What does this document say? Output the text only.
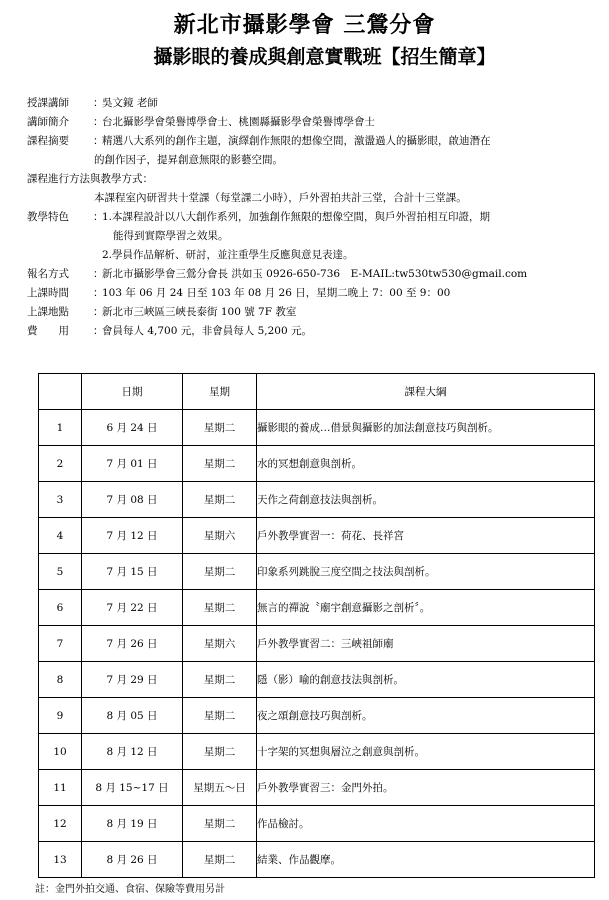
新北市攝影學會 三鶯分會
攝影眼的養成與創意實戰班【招生簡章】
授課講師	：
吳文鏡 老師
講師簡介	：
台北攝影學會榮譽博學會士、桃園縣攝影學會榮譽博學會士
課程摘要	：
精選八大系列的創作主題，演繹創作無限的想像空間，激盪過人的攝影眼，啟迪潛在
的創作因子，提昇創意無限的影藝空間。
課程進行方法與教學方式：
本課程室內研習共十堂課（每堂課二小時），戶外習拍共計三堂，合計十三堂課。
教學特色	：
1.本課程設計以八大創作系列，加強創作無限的想像空間，與戶外習拍相互印證，期
能得到實際學習之效果。
2.學員作品解析、研討，並注重學生反應與意見表達。
報名方式	：
新北市攝影學會三鶯分會長 洪如玉 0926-650-736　E-MAIL:tw530tw530@gmail.com
上課時間	：
103 年 06 月 24 日至 103 年 08 月 26 日，星期二晚上 7：00 至 9：00
上課地點	：
新北市三峽區三峽長泰街 100 號 7F 教室
費　　用	：
會員每人 4,700 元，非會員每人 5,200 元。
	日期	星期	課程大綱
1	6 月 24 日	星期二	攝影眼的養成…借景與攝影的加法創意技巧與剖析。
2	7 月 01 日	星期二	水的冥想創意與剖析。
3	7 月 08 日	星期二	天作之荷創意技法與剖析。
4	7 月 12 日	星期六	戶外教學實習一：荷花、長祥宮
5	7 月 15 日	星期二	印象系列跳脫三度空間之技法與剖析。
6	7 月 22 日	星期二	無言的禪說〝廟宇創意攝影之剖析〞。
7	7 月 26 日	星期六	戶外教學實習二：三峽祖師廟
8	7 月 29 日	星期二	隱（影）喻的創意技法與剖析。
9	8 月 05 日	星期二	夜之頌創意技巧與剖析。
10	8 月 12 日	星期二	十字架的冥想與層泣之創意與剖析。
11	8 月 15~17 日	星期五～日	戶外教學實習三：金門外拍。
12	8 月 19 日	星期二	作品檢討。
13	8 月 26 日	星期二	結業、作品觀摩。
註：金門外拍交通、食宿、保險等費用另計
